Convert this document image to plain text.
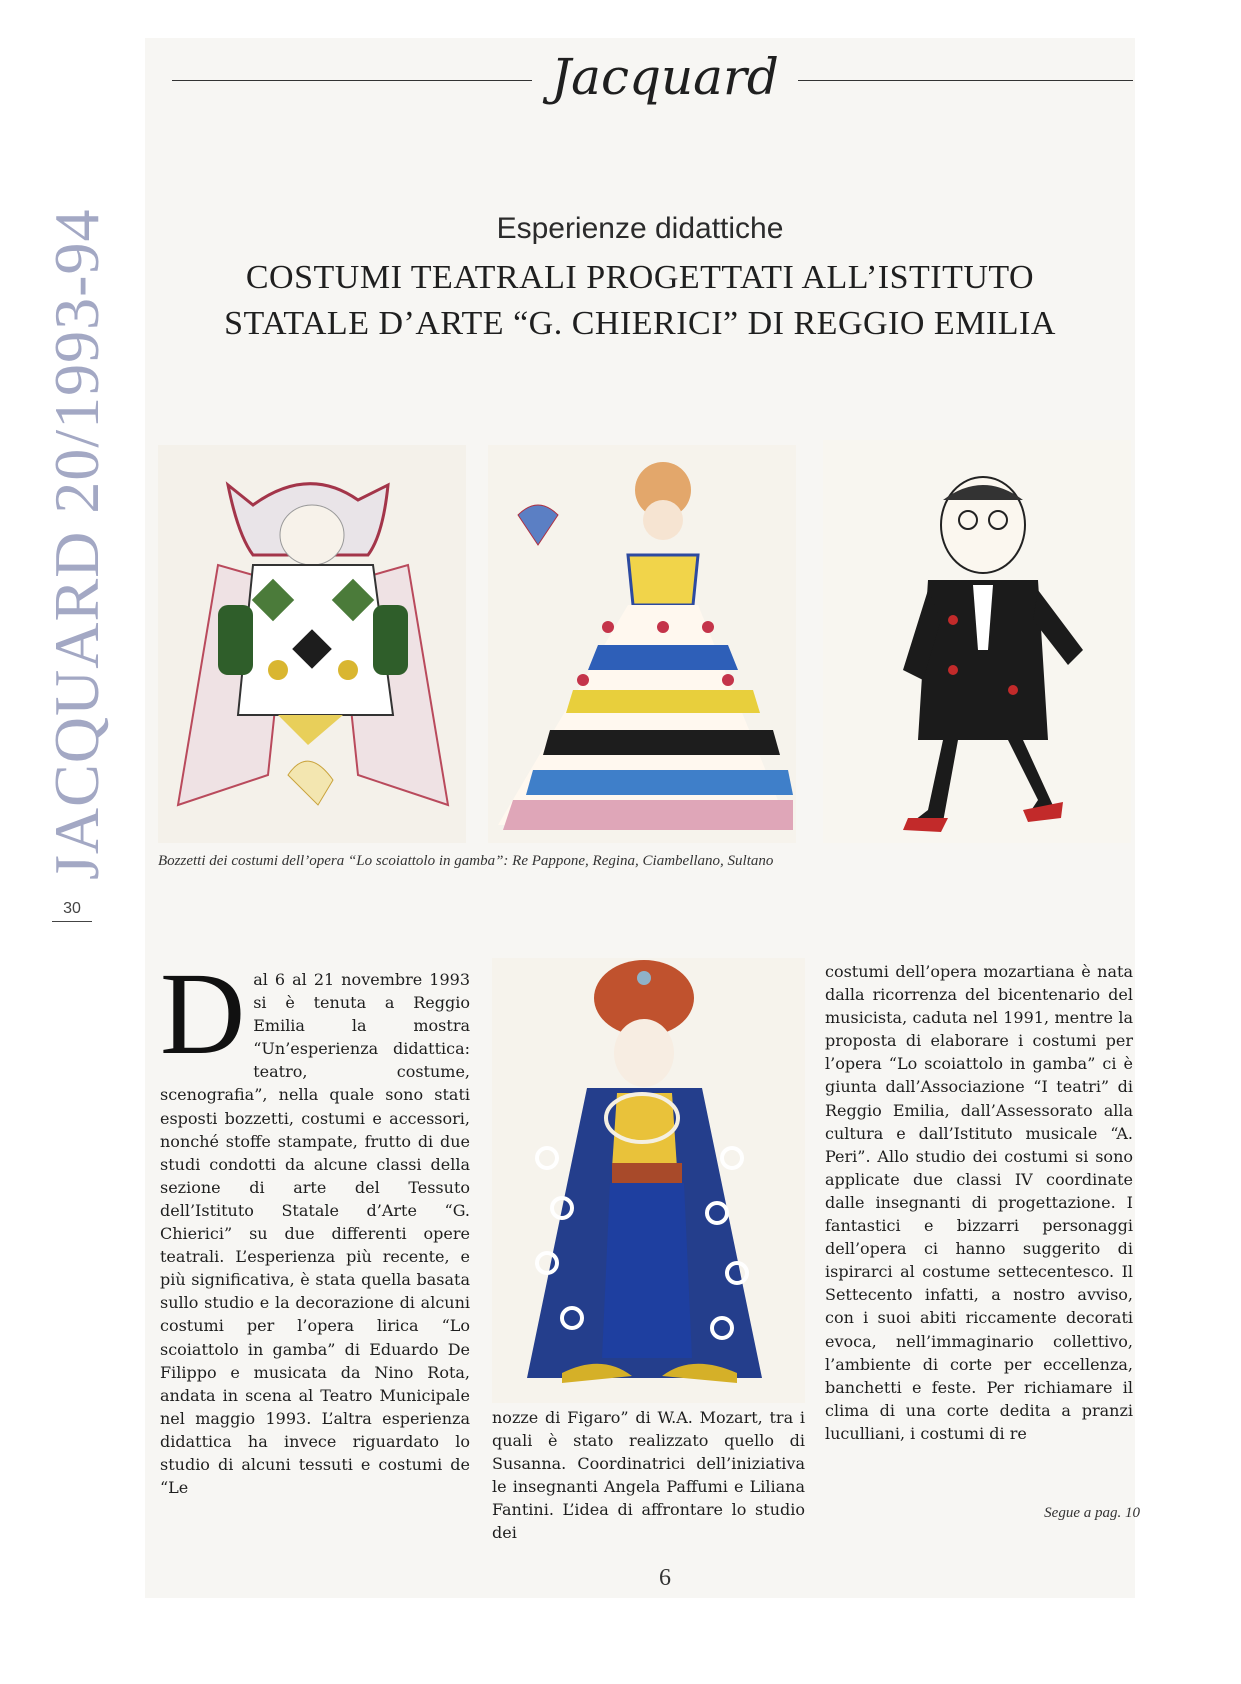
JACQUARD 20/1993-94
30
Jacquard
Esperienze didattiche
COSTUMI TEATRALI PROGETTATI ALL’ISTITUTO
STATALE D’ARTE “G. CHIERICI” DI REGGIO EMILIA
Bozzetti dei costumi dell’opera “Lo scoiattolo in gamba”: Re Pappone, Regina, Ciambellano, Sultano
Dal 6 al 21 novembre 1993 si è tenuta a Reggio Emilia la mostra “Un’esperienza didattica: teatro, costume, scenografia”, nella quale sono stati esposti bozzetti, costumi e accessori, nonché stoffe stampate, frutto di due studi condotti da alcune classi della sezione di arte del Tessuto dell’Istituto Statale d’Arte “G. Chierici” su due differenti opere teatrali. L’esperienza più recente, e più significativa, è stata quella basata sullo studio e la decorazione di alcuni costumi per l’opera lirica “Lo scoiattolo in gamba” di Eduardo De Filippo e musicata da Nino Rota, andata in scena al Teatro Municipale nel maggio 1993. L’altra esperienza didattica ha invece riguardato lo studio di alcuni tessuti e costumi de “Le
nozze di Figaro” di W.A. Mozart, tra i quali è stato realizzato quello di Susanna. Coordinatrici dell’iniziativa le insegnanti Angela Paffumi e Liliana Fantini. L’idea di affrontare lo studio dei
costumi dell’opera mozartiana è nata dalla ricorrenza del bicentenario del musicista, caduta nel 1991, mentre la proposta di elaborare i costumi per l’opera “Lo scoiattolo in gamba” ci è giunta dall’Associazione “I teatri” di Reggio Emilia, dall’Assessorato alla cultura e dall’Istituto musicale “A. Peri”. Allo studio dei costumi si sono applicate due classi IV coordinate dalle insegnanti di progettazione. I fantastici e bizzarri personaggi dell’opera ci hanno suggerito di ispirarci al costume settecentesco. Il Settecento infatti, a nostro avviso, con i suoi abiti riccamente decorati evoca, nell’immaginario collettivo, l’ambiente di corte per eccellenza, banchetti e feste. Per richiamare il clima di una corte dedita a pranzi luculliani, i costumi di re
Segue a pag. 10
6
